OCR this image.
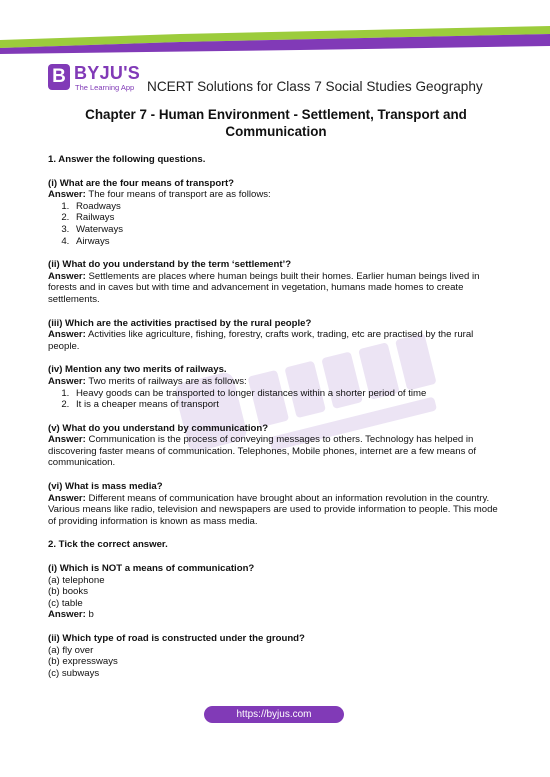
B BYJU'S
The Learning App NCERT Solutions for Class 7 Social Studies Geography
Chapter 7 - Human Environment - Settlement, Transport and Communication
1. Answer the following questions.
(i) What are the four means of transport?
Answer: The four means of transport are as follows:
1. Roadways
2. Railways
3. Waterways
4. Airways
(ii) What do you understand by the term ‘settlement’?
Answer: Settlements are places where human beings built their homes. Earlier human beings lived in forests and in caves but with time and advancement in vegetation, humans made homes to create settlements.
(iii) Which are the activities practised by the rural people?
Answer: Activities like agriculture, fishing, forestry, crafts work, trading, etc are practised by the rural people.
(iv) Mention any two merits of railways.
Answer: Two merits of railways are as follows:
1. Heavy goods can be transported to longer distances within a shorter period of time
2. It is a cheaper means of transport
(v) What do you understand by communication?
Answer: Communication is the process of conveying messages to others. Technology has helped in discovering faster means of communication. Telephones, Mobile phones, internet are a few means of communication.
(vi) What is mass media?
Answer: Different means of communication have brought about an information revolution in the country. Various means like radio, television and newspapers are used to provide information to people. This mode of providing information is known as mass media.
2. Tick the correct answer.
(i) Which is NOT a means of communication?
(a) telephone
(b) books
(c) table
Answer: b
(ii) Which type of road is constructed under the ground?
(a) fly over
(b) expressways
(c) subways
https://byjus.com
